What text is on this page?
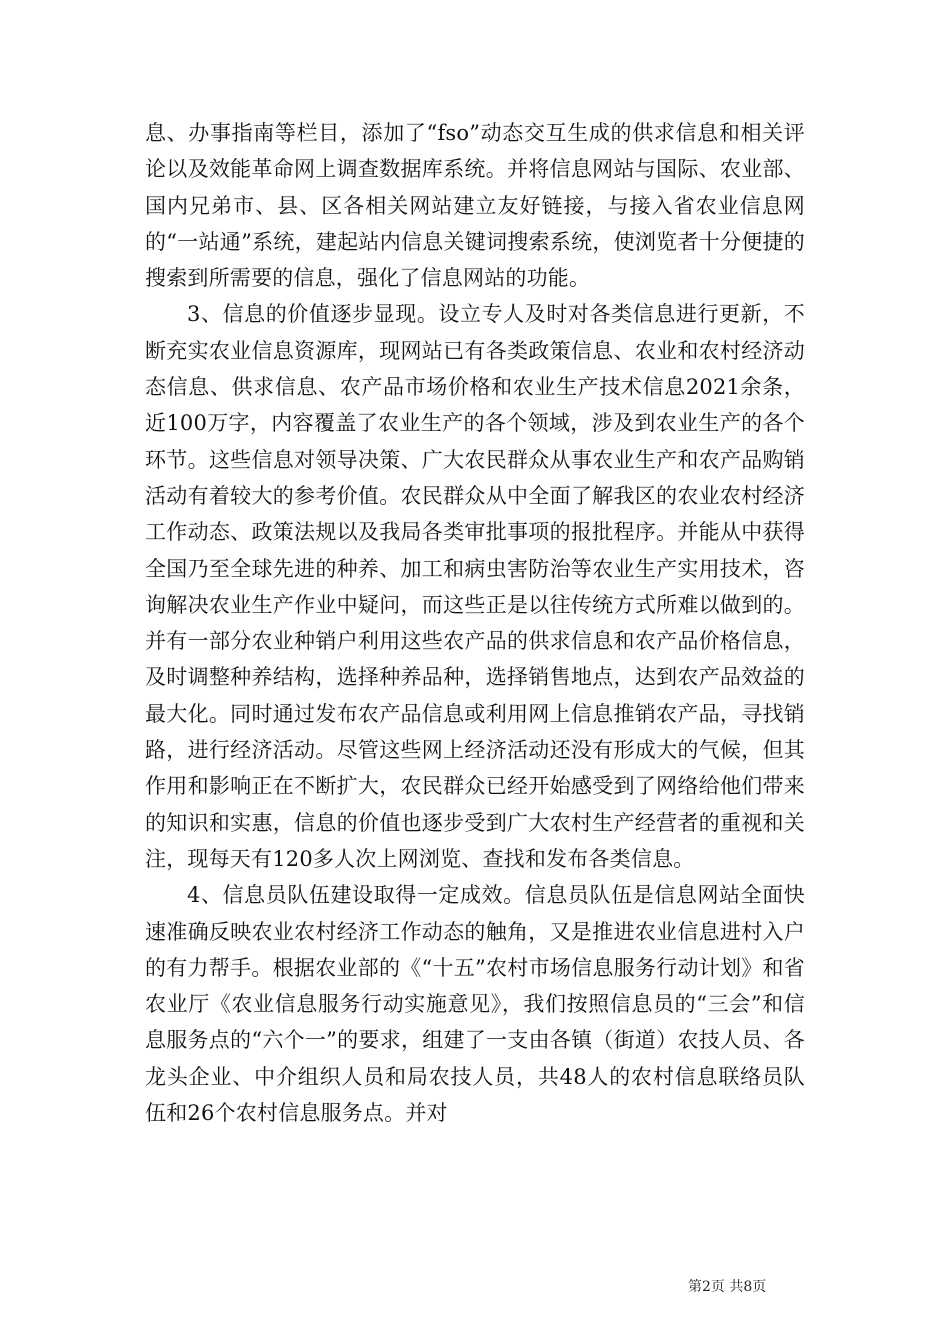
息、办事指南等栏目，添加了“fso”动态交互生成的供求信息和相关评论以及效能革命网上调查数据库系统。并将信息网站与国际、农业部、国内兄弟市、县、区各相关网站建立友好链接，与接入省农业信息网的“一站通”系统，建起站内信息关键词搜索系统，使浏览者十分便捷的搜索到所需要的信息，强化了信息网站的功能。

3、信息的价值逐步显现。设立专人及时对各类信息进行更新，不断充实农业信息资源库，现网站已有各类政策信息、农业和农村经济动态信息、供求信息、农产品市场价格和农业生产技术信息2021余条，近100万字，内容覆盖了农业生产的各个领域，涉及到农业生产的各个环节。这些信息对领导决策、广大农民群众从事农业生产和农产品购销活动有着较大的参考价值。农民群众从中全面了解我区的农业农村经济工作动态、政策法规以及我局各类审批事项的报批程序。并能从中获得全国乃至全球先进的种养、加工和病虫害防治等农业生产实用技术，咨询解决农业生产作业中疑问，而这些正是以往传统方式所难以做到的。并有一部分农业种销户利用这些农产品的供求信息和农产品价格信息，及时调整种养结构，选择种养品种，选择销售地点，达到农产品效益的最大化。同时通过发布农产品信息或利用网上信息推销农产品，寻找销路，进行经济活动。尽管这些网上经济活动还没有形成大的气候，但其作用和影响正在不断扩大，农民群众已经开始感受到了网络给他们带来的知识和实惠，信息的价值也逐步受到广大农村生产经营者的重视和关注，现每天有120多人次上网浏览、查找和发布各类信息。

4、信息员队伍建设取得一定成效。信息员队伍是信息网站全面快速准确反映农业农村经济工作动态的触角，又是推进农业信息进村入户的有力帮手。根据农业部的《“十五”农村市场信息服务行动计划》和省农业厅《农业信息服务行动实施意见》，我们按照信息员的“三会”和信息服务点的“六个一”的要求，组建了一支由各镇（街道）农技人员、各龙头企业、中介组织人员和局农技人员，共48人的农村信息联络员队伍和26个农村信息服务点。并对

第2页 共8页
